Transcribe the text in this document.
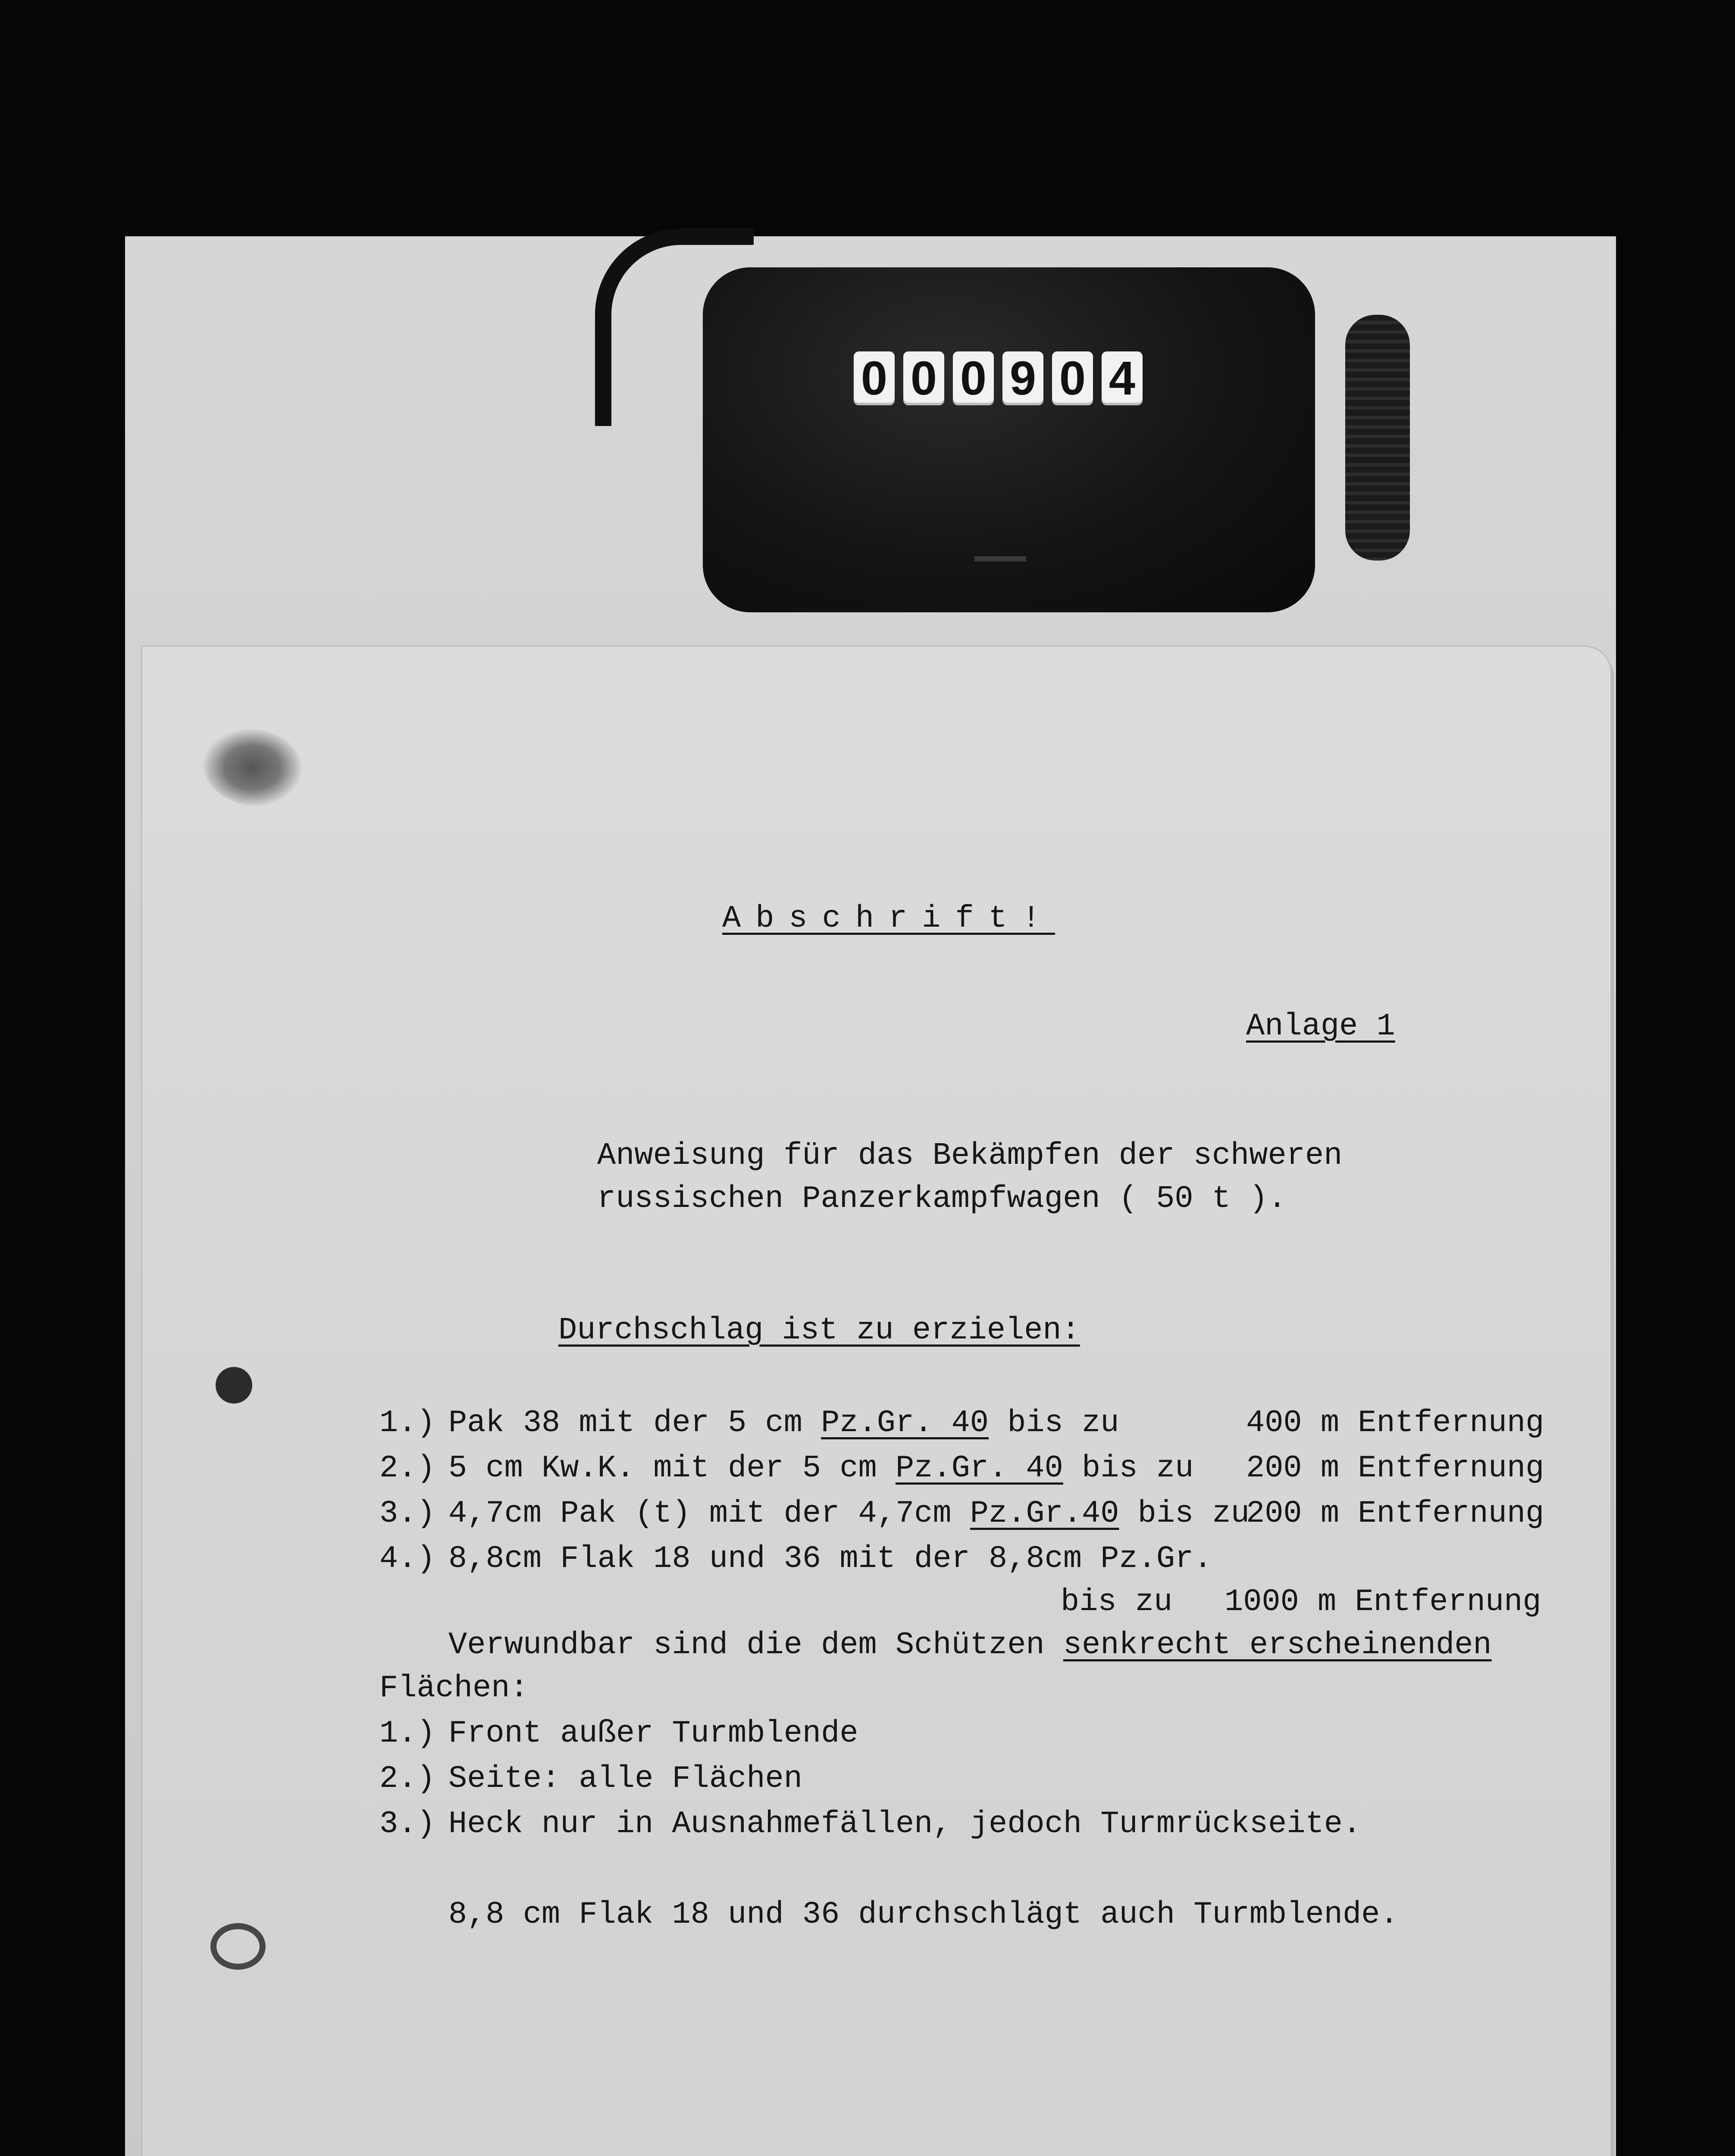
0 0 0 9 0 4
Abschrift!
Anlage 1
Anweisung für das Bekämpfen der schweren
russischen Panzerkampfwagen ( 50 t ).
Durchschlag ist zu erzielen:
1.) Pak 38 mit der 5 cm Pz.Gr. 40 bis zu	400 m Entfernung
2.) 5 cm Kw.K. mit der 5 cm Pz.Gr. 40 bis zu 200 m Entfernung
3.) 4,7cm Pak (t) mit der 4,7cm Pz.Gr.40 bis zu
200 m Entfernung
4.) 8,8cm Flak 18 und 36 mit der 8,8cm Pz.Gr.
bis zu 1000 m Entfernung
Verwundbar sind die dem Schützen senkrecht erscheinenden
Flächen:
1.) Front außer Turmblende
2.) Seite: alle Flächen
3.) Heck nur in Ausnahmefällen, jedoch Turmrückseite.
8,8 cm Flak 18 und 36 durchschlägt auch Turmblende.
